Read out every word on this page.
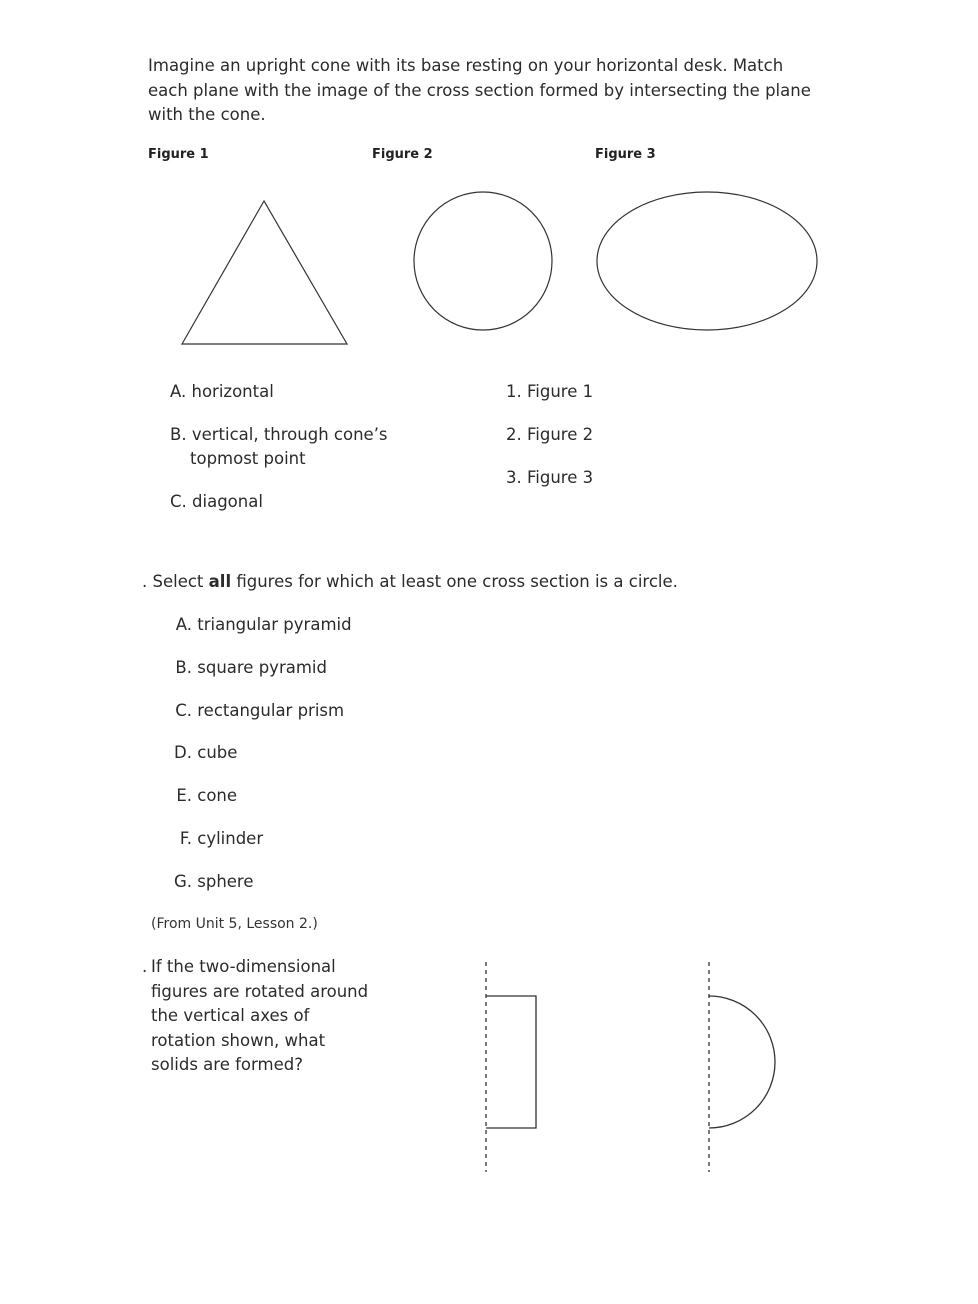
Imagine an upright cone with its base resting on your horizontal desk. Match each plane with the image of the cross section formed by intersecting the plane with the cone.
Figure 1	Figure 2	Figure 3
A. horizontal
B. vertical, through cone’s topmost point
C. diagonal
1. Figure 1
2. Figure 2
3. Figure 3
. Select all figures for which at least one cross section is a circle.
A. triangular pyramid
B. square pyramid
C. rectangular prism
D. cube
E. cone
F. cylinder
G. sphere
(From Unit 5, Lesson 2.)
. If the two-dimensional figures are rotated around the vertical axes of rotation shown, what solids are formed?
